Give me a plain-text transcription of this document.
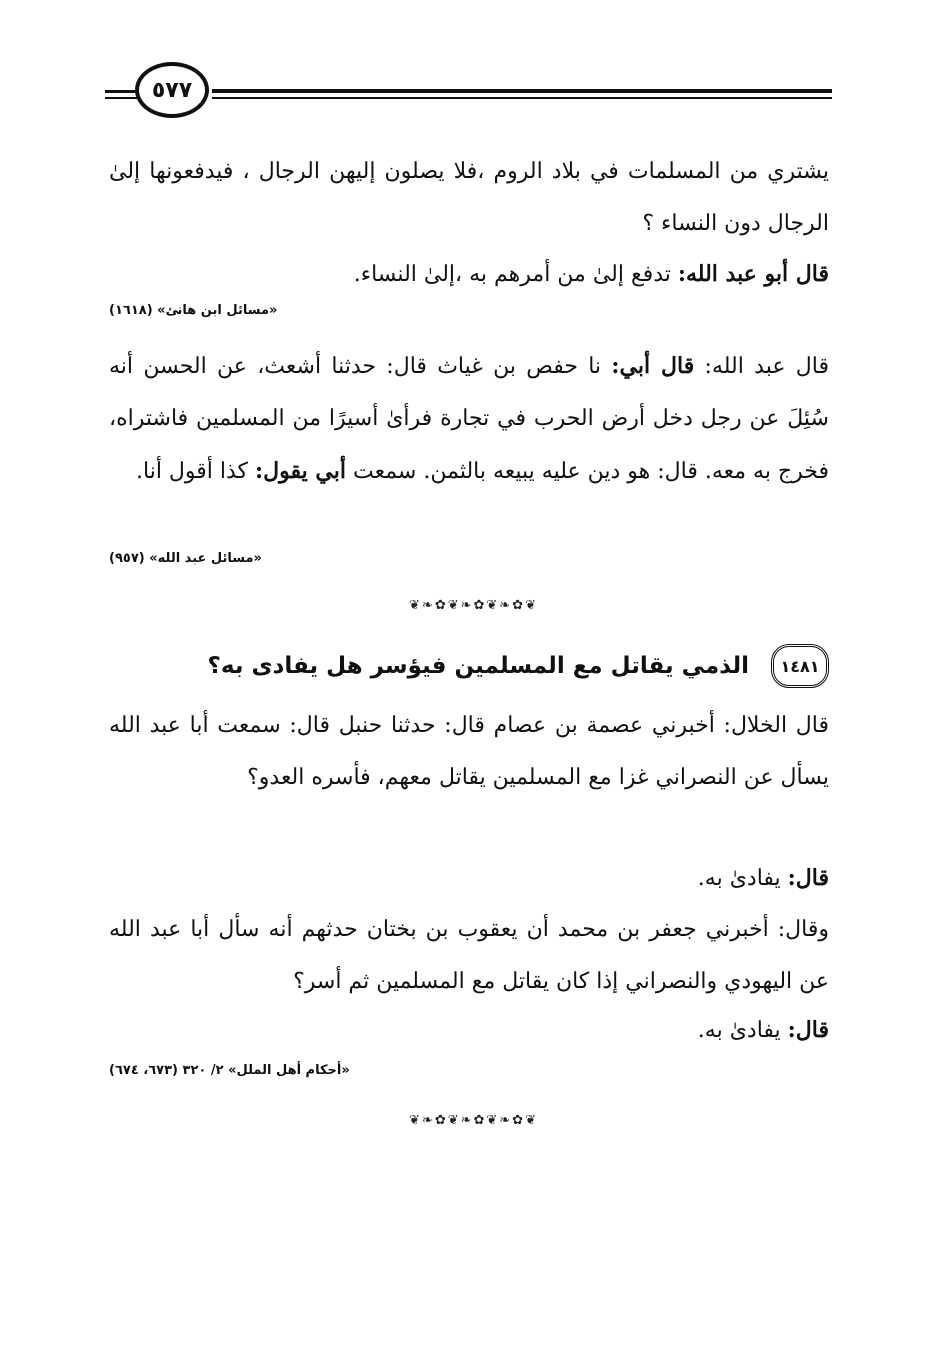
٥٧٧
يشتري من المسلمات في بلاد الروم ،فلا يصلون إليهن الرجال ، فيدفعونها إلىٰ الرجال دون النساء ؟
قال أبو عبد الله: تدفع إلىٰ من أمرهم به ،إلىٰ النساء.
«مسائل ابن هانئ» (١٦١٨)
قال عبد الله: قال أبي: نا حفص بن غياث قال: حدثنا أشعث، عن الحسن أنه سُئِلَ عن رجل دخل أرض الحرب في تجارة فرأىٰ أسيرًا من المسلمين فاشتراه، فخرج به معه. قال: هو دين عليه يبيعه بالثمن. سمعت أبي يقول: كذا أقول أنا.
«مسائل عبد الله» (٩٥٧)
❦❧✿❦❧✿❦❧✿❦
١٤٨١
الذمي يقاتل مع المسلمين فيؤسر هل يفادى به؟
قال الخلال: أخبرني عصمة بن عصام قال: حدثنا حنبل قال: سمعت أبا عبد الله يسأل عن النصراني غزا مع المسلمين يقاتل معهم، فأسره العدو؟
قال: يفادىٰ به.
وقال: أخبرني جعفر بن محمد أن يعقوب بن بختان حدثهم أنه سأل أبا عبد الله عن اليهودي والنصراني إذا كان يقاتل مع المسلمين ثم أسر؟
قال: يفادىٰ به.
«أحكام أهل الملل» ٢/ ٣٢٠ (٦٧٣، ٦٧٤)
❦❧✿❦❧✿❦❧✿❦
